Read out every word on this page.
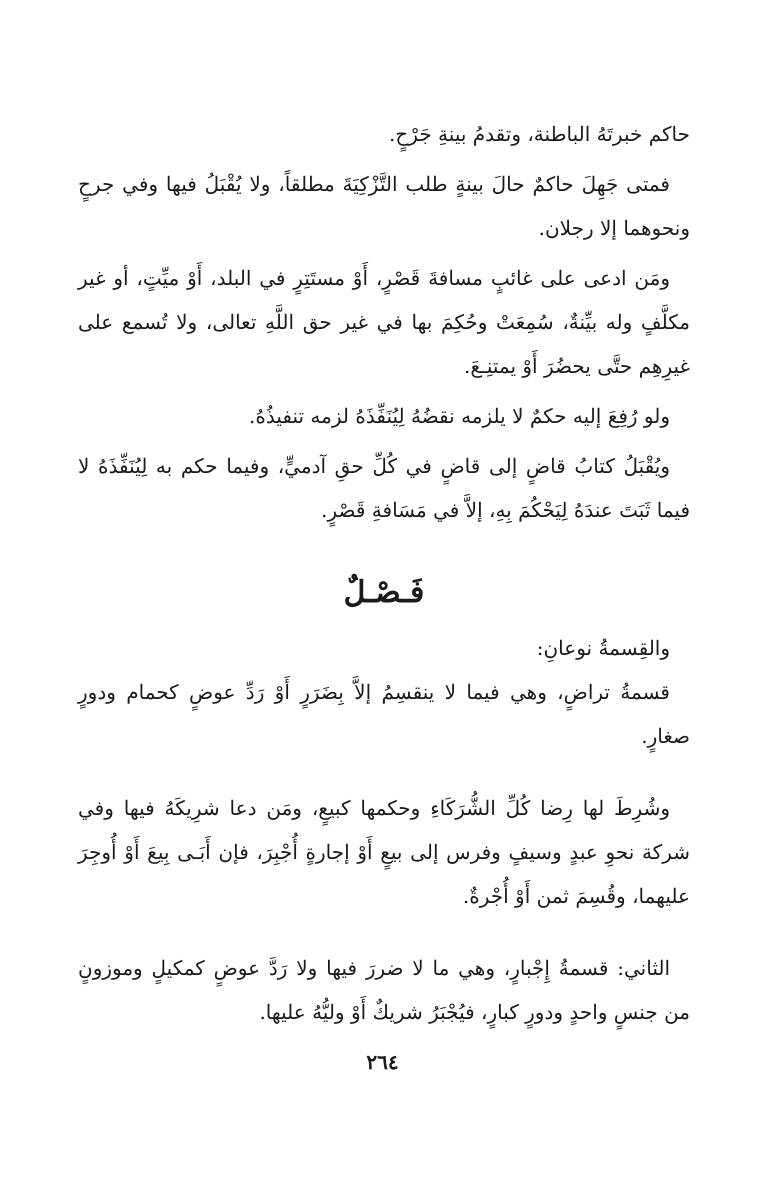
حاكم خبرتَهُ الباطنة، وتقدمُ بينةِ جَرْحٍ.

فمتى جَهِلَ حاكمٌ حالَ بينةٍ طلب التَّزْكِيَةَ مطلقاً، ولا يُقْبَلُ فيها وفي جرحٍ ونحوهما إلا رجلان.

ومَن ادعى على غائبٍ مسافةَ قَصْرٍ، أَوْ مستَتِرٍ في البلد، أَوْ ميِّتٍ، أو غير مكلَّفٍ وله بيِّنةٌ، سُمِعَتْ وحُكِمَ بها في غير حق اللَّهِ تعالى، ولا تُسمع على غيرِهِم حتَّى يحضُرَ أَوْ يمتنِـعَ.

ولو رُفِعَ إليه حكمٌ لا يلزمه نقضُهُ لِيُنَفِّذَهُ لزمه تنفيذُهُ.

ويُقْبَلُ كتابُ قاضٍ إلى قاضٍ في كُلِّ حقِ آدميٍّ، وفيما حكم به لِيُنَفِّذَهُ لا فيما ثَبَتَ عندَهُ لِيَحْكُمَ بِهِ، إلاَّ في مَسَافةِ قَصْرٍ.

فَـصْـلٌ

والقِسمةُ نوعانِ:

قسمةُ تراضٍ، وهي فيما لا ينقسِمُ إلاَّ بِضَرَرٍ أَوْ رَدِّ عوضٍ كحمام ودورٍ صغارٍ.

وشُرِطَ لها رِضا كُلِّ الشُّرَكَاءِ وحكمها كبيعٍ، ومَن دعا شرِيكَهُ فيها وفي شركة نحوِ عبدٍ وسيفٍ وفرس إلى بيعٍ أَوْ إجارةٍ أُجْبِرَ، فإن أَبَـى بِيعَ أَوْ أُوجِرَ عليهما، وقُسِمَ ثمن أَوْ أُجْرةٌ.

الثاني: قسمةُ إِجْبارٍ، وهي ما لا ضررَ فيها ولا رَدَّ عوضٍ كمكيلٍ وموزونٍ من جنسٍ واحدٍ ودورٍ كبارٍ، فيُجْبَرُ شريكٌ أَوْ وليُّهُ عليها.

٢٦٤
